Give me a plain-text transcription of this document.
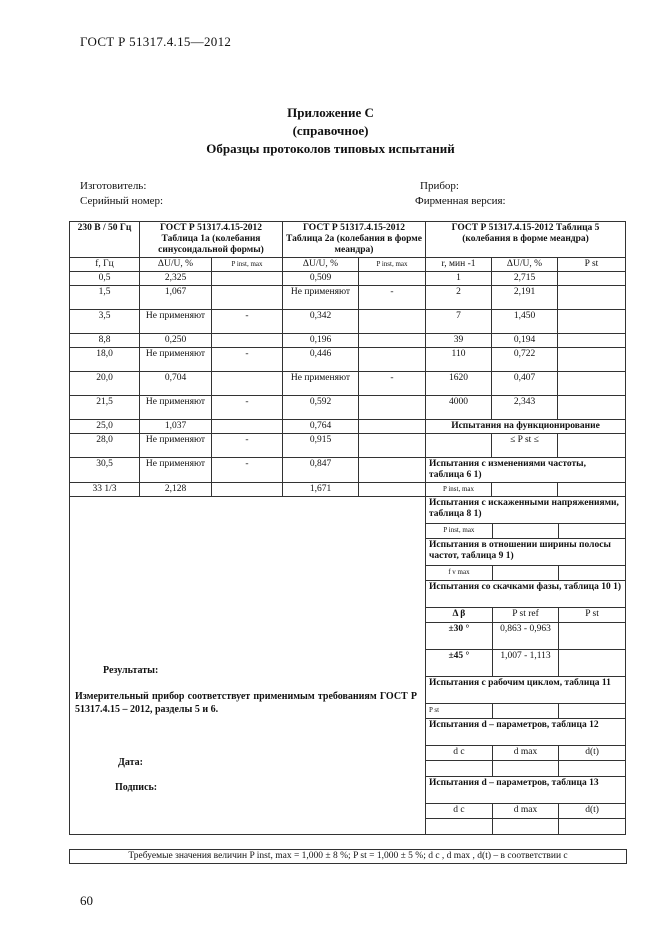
ГОСТ Р 51317.4.15—2012
Приложение С
(справочное)
Образцы протоколов типовых испытаний
Изготовитель:
Серийный номер:
Прибор:
Фирменная версия:
230 В / 50 Гц	ГОСТ Р 51317.4.15-2012 Таблица 1а (колебания синусоидальной формы)	ГОСТ Р 51317.4.15-2012 Таблица 2а (колебания в форме меандра)	ГОСТ Р 51317.4.15-2012 Таблица 5 (колебания в форме меандра)
f, Гц	ΔU/U, %	P inst, max	ΔU/U, %	P inst, max	r, мин -1	ΔU/U, %	P st
0,5	2,325		0,509		1	2,715	
1,5	1,067		Не применяют	-	2	2,191	
3,5	Не применяют	-	0,342		7	1,450	
8,8	0,250		0,196		39	0,194	
18,0	Не применяют	-	0,446		110	0,722	
20,0	0,704		Не применяют	-	1620	0,407	
21,5	Не применяют	-	0,592		4000	2,343	
25,0	1,037		0,764		Испытания на функционирование
28,0	Не применяют	-	0,915			≤ P st ≤	
30,5	Не применяют	-	0,847		Испытания с изменениями частоты, таблица 6 1)
33 1/3	2,128		1,671		P inst, max		

Испытания с искаженными напряжениями, таблица 8 1)
P inst, max		
Испытания в отношении ширины полосы частот, таблица 9 1)
f v max		
Испытания со скачками фазы, таблица 10 1)
Δ β	P st ref	P st
±30 °	0,863 - 0,963	
±45 °	1,007 - 1,113	
Испытания с рабочим циклом, таблица 11
P st		
Испытания d – параметров, таблица 12
d c	d max	d(t)

Испытания d – параметров, таблица 13
d c	d max	d(t)

Результаты:
Измерительный прибор соответствует применимым требованиям ГОСТ Р 51317.4.15 – 2012, разделы 5 и 6.
Дата:
Подпись:
Требуемые значения величин P inst, max = 1,000 ± 8 %; P st = 1,000 ± 5 %; d c , d max , d(t) – в соответствии с
60
